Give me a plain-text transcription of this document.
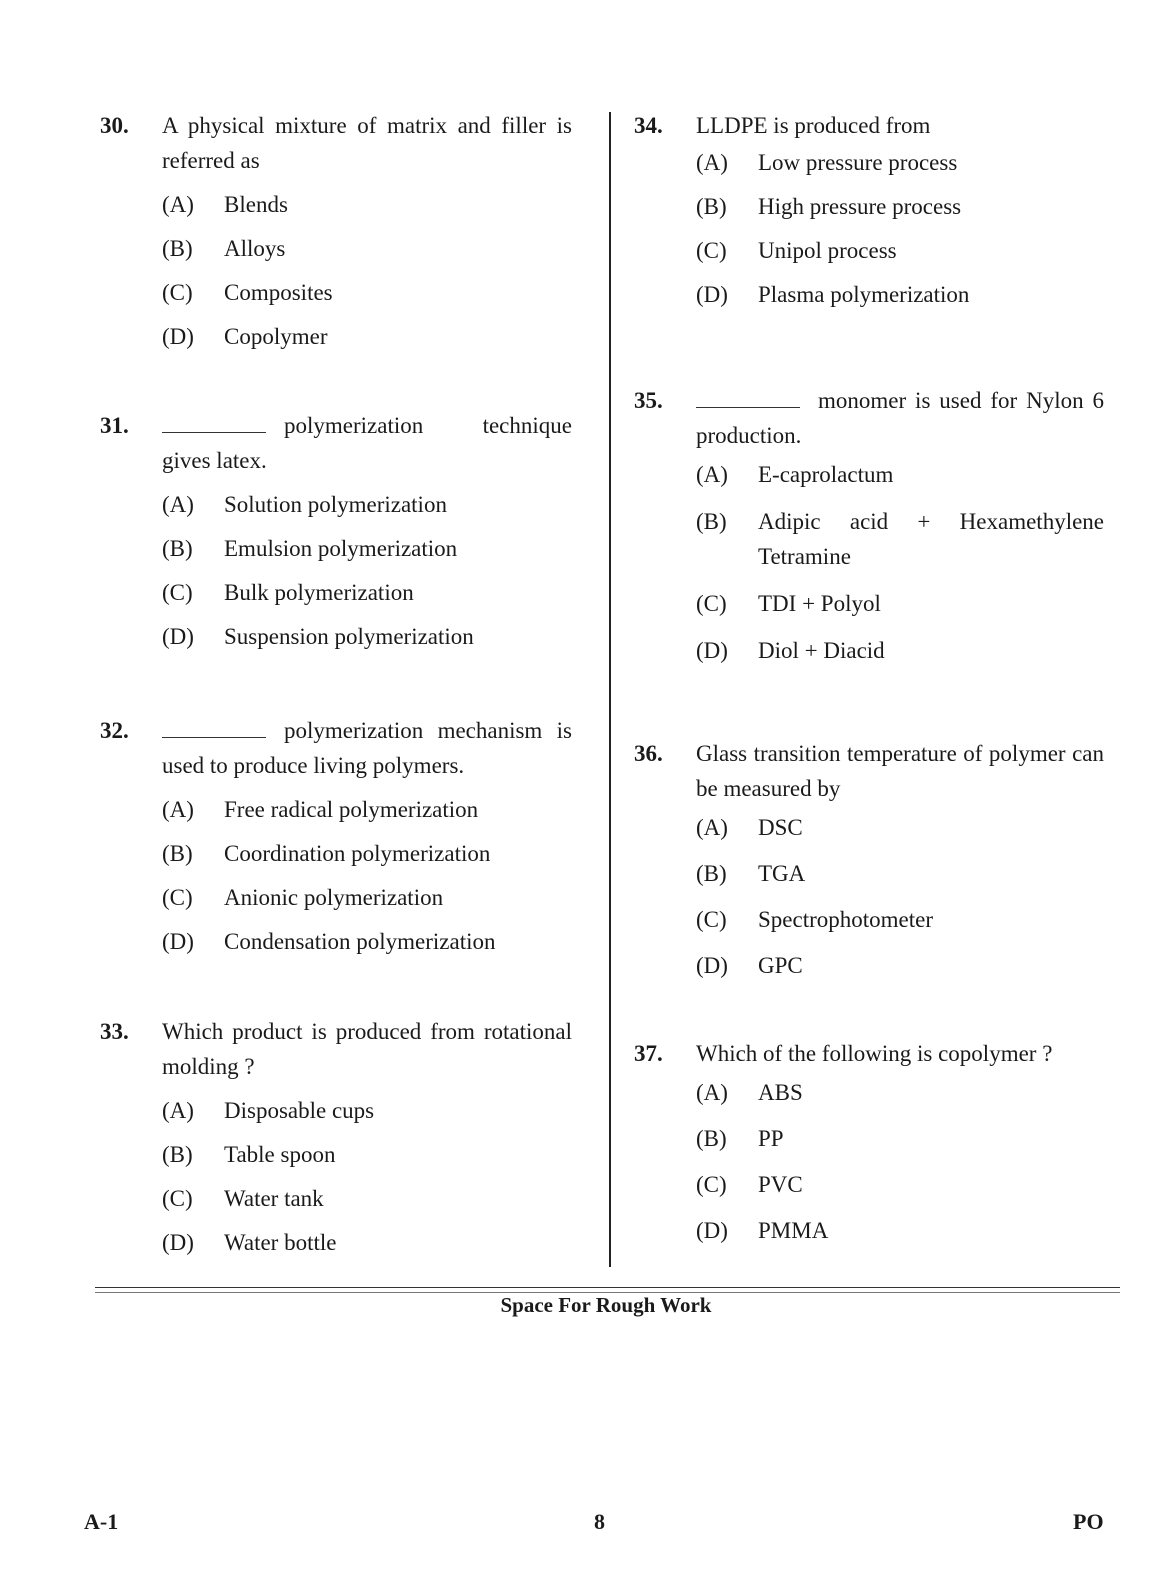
30. A physical mixture of matrix and filler is referred as
(A)	Blends
(B)	Alloys
(C)	Composites
(D)	Copolymer
31.	polymerization technique gives latex.
(A)	Solution polymerization
(B)	Emulsion polymerization
(C)	Bulk polymerization
(D)	Suspension polymerization
32.	polymerization mechanism is used to produce living polymers.
(A)	Free radical polymerization
(B)	Coordination polymerization
(C)	Anionic polymerization
(D)	Condensation polymerization
33. Which product is produced from rotational molding ?
(A)	Disposable cups
(B)	Table spoon
(C)	Water tank
(D)	Water bottle
34. LLDPE is produced from
(A)	Low pressure process
(B)	High pressure process
(C)	Unipol process
(D)	Plasma polymerization
35.	monomer is used for Nylon 6 production.
(A)	E-caprolactum
(B)	Adipic acid + Hexamethylene Tetramine
(C)	TDI + Polyol
(D)	Diol + Diacid
36. Glass transition temperature of polymer can be measured by
(A)	DSC
(B)	TGA
(C)	Spectrophotometer
(D)	GPC
37. Which of the following is copolymer ?
(A)	ABS
(B)	PP
(C)	PVC
(D)	PMMA
Space For Rough Work
A-1	8	PO
